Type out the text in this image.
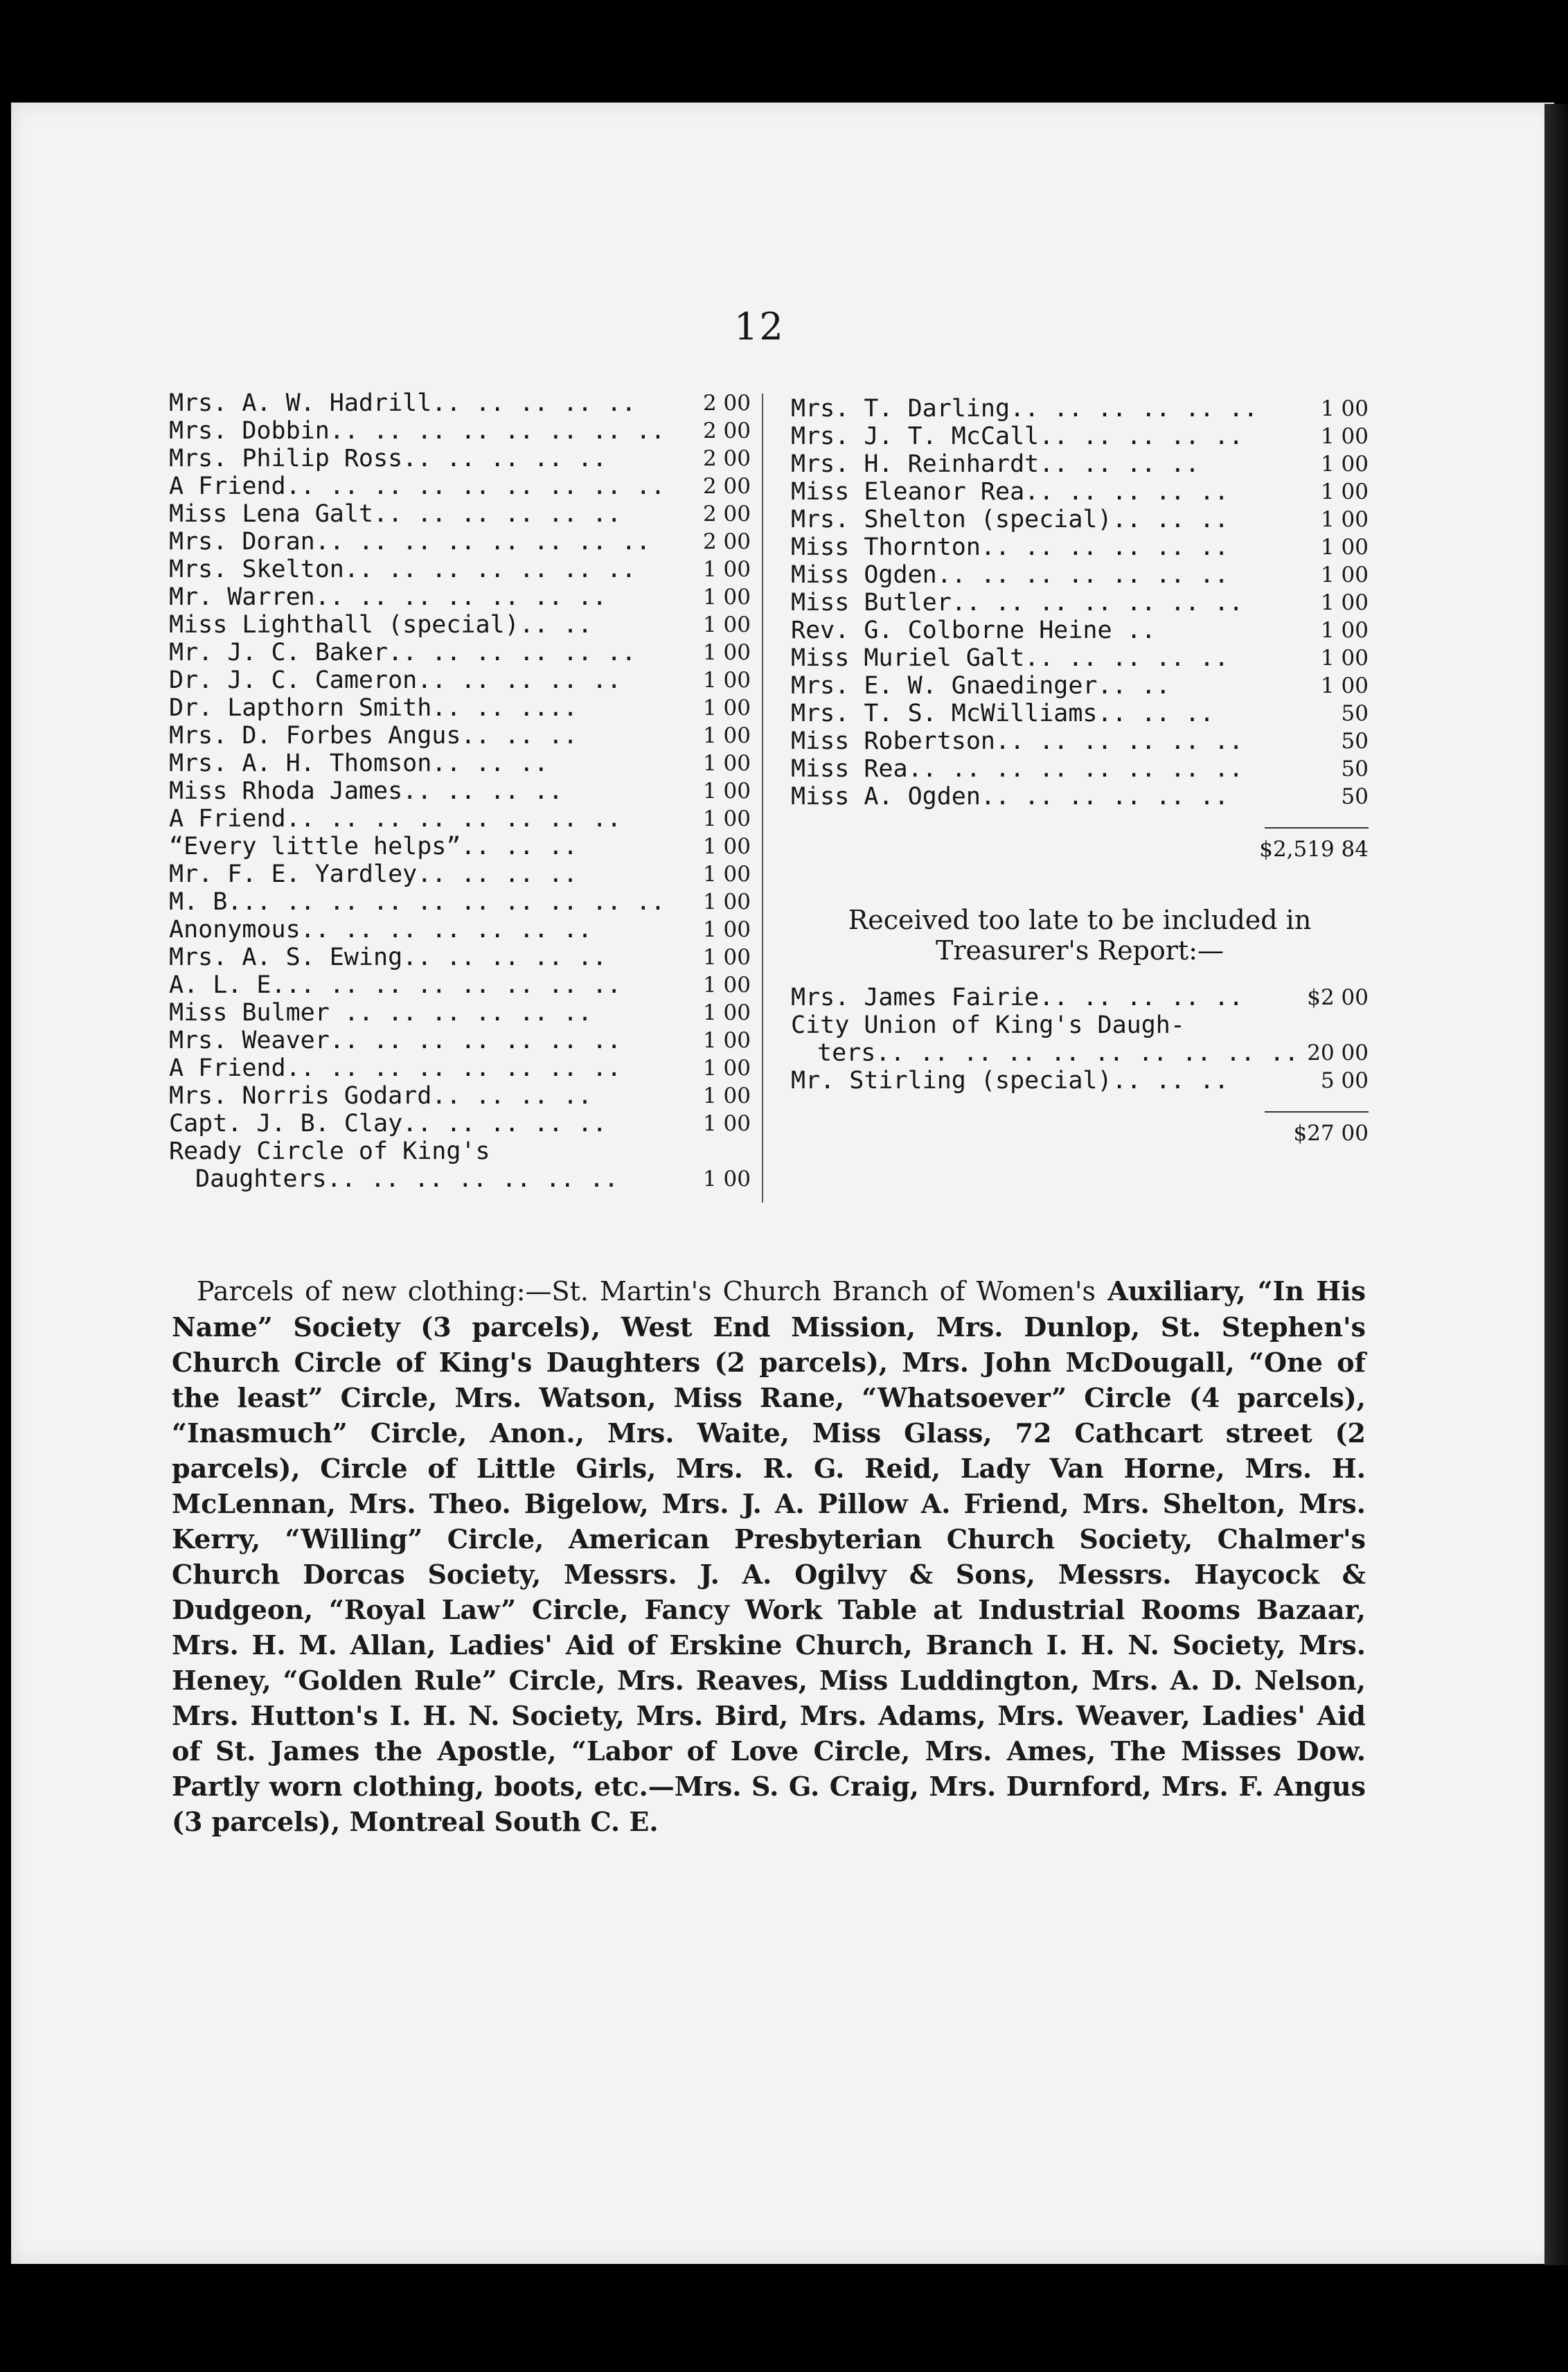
12
Mrs. A. W. Hadrill.. .. .. .. ..	2 00
Mrs. Dobbin.. .. .. .. .. .. .. .. 2 00
Mrs. Philip Ross.. .. .. .. ..	2 00
A Friend.. .. .. .. .. .. .. .. .. 2 00
Miss Lena Galt.. .. .. .. .. ..	2 00
Mrs. Doran.. .. .. .. .. .. .. .. 2 00
Mrs. Skelton.. .. .. .. .. .. ..	1 00
Mr. Warren.. .. .. .. .. .. ..	1 00
Miss Lighthall (special).. ..	1 00
Mr. J. C. Baker.. .. .. .. .. ..	1 00
Dr. J. C. Cameron.. .. .. .. ..	1 00
Dr. Lapthorn Smith.. .. ....	1 00
Mrs. D. Forbes Angus.. .. ..	1 00
Mrs. A. H. Thomson.. .. ..	1 00
Miss Rhoda James.. .. .. ..	1 00
A Friend.. .. .. .. .. .. .. ..	1 00
“Every little helps”.. .. ..	1 00
Mr. F. E. Yardley.. .. .. ..	1 00
M. B... .. .. .. .. .. .. .. .. .. 1 00
Anonymous.. .. .. .. .. .. ..	1 00
Mrs. A. S. Ewing.. .. .. .. ..	1 00
A. L. E... .. .. .. .. .. .. ..	1 00
Miss Bulmer .. .. .. .. .. ..	1 00
Mrs. Weaver.. .. .. .. .. .. ..	1 00
A Friend.. .. .. .. .. .. .. ..	1 00
Mrs. Norris Godard.. .. .. ..	1 00
Capt. J. B. Clay.. .. .. .. ..	1 00
Ready Circle of King's
Daughters.. .. .. .. .. .. ..	1 00
Mrs. T. Darling.. .. .. .. .. ..	1 00
Mrs. J. T. McCall.. .. .. .. ..	1 00
Mrs. H. Reinhardt.. .. .. ..	1 00
Miss Eleanor Rea.. .. .. .. ..	1 00
Mrs. Shelton (special).. .. ..	1 00
Miss Thornton.. .. .. .. .. ..	1 00
Miss Ogden.. .. .. .. .. .. ..	1 00
Miss Butler.. .. .. .. .. .. ..	1 00
Rev. G. Colborne Heine ..	1 00
Miss Muriel Galt.. .. .. .. ..	1 00
Mrs. E. W. Gnaedinger.. ..	1 00
Mrs. T. S. McWilliams.. .. ..	50
Miss Robertson.. .. .. .. .. ..	50
Miss Rea.. .. .. .. .. .. .. ..	50
Miss A. Ogden.. .. .. .. .. ..	50
$2,519 84
Received too late to be included in
Treasurer's Report:—
Mrs. James Fairie.. .. .. .. ..	$2 00
City Union of King's Daugh-
ters.. .. .. .. .. .. .. .. .. .. 20 00
Mr. Stirling (special).. .. ..	5 00
$27 00
Parcels of new clothing:—St. Martin's Church Branch of Women's Auxiliary, “In His Name” Society (3 parcels), West End Mission, Mrs. Dunlop, St. Stephen's Church Circle of King's Daughters (2 parcels), Mrs. John McDougall, “One of the least” Circle, Mrs. Watson, Miss Rane, “Whatsoever” Circle (4 parcels), “Inasmuch” Circle, Anon., Mrs. Waite, Miss Glass, 72 Cathcart street (2 parcels), Circle of Little Girls, Mrs. R. G. Reid, Lady Van Horne, Mrs. H. McLennan, Mrs. Theo. Bigelow, Mrs. J. A. Pillow A. Friend, Mrs. Shelton, Mrs. Kerry, “Willing” Circle, American Presbyterian Church Society, Chalmer's Church Dorcas Society, Messrs. J. A. Ogilvy & Sons, Messrs. Haycock & Dudgeon, “Royal Law” Circle, Fancy Work Table at Industrial Rooms Bazaar, Mrs. H. M. Allan, Ladies' Aid of Erskine Church, Branch I. H. N. Society, Mrs. Heney, “Golden Rule” Circle, Mrs. Reaves, Miss Luddington, Mrs. A. D. Nelson, Mrs. Hutton's I. H. N. Society, Mrs. Bird, Mrs. Adams, Mrs. Weaver, Ladies' Aid of St. James the Apostle, “Labor of Love Circle, Mrs. Ames, The Misses Dow. Partly worn clothing, boots, etc.—Mrs. S. G. Craig, Mrs. Durnford, Mrs. F. Angus (3 parcels), Montreal South C. E.
